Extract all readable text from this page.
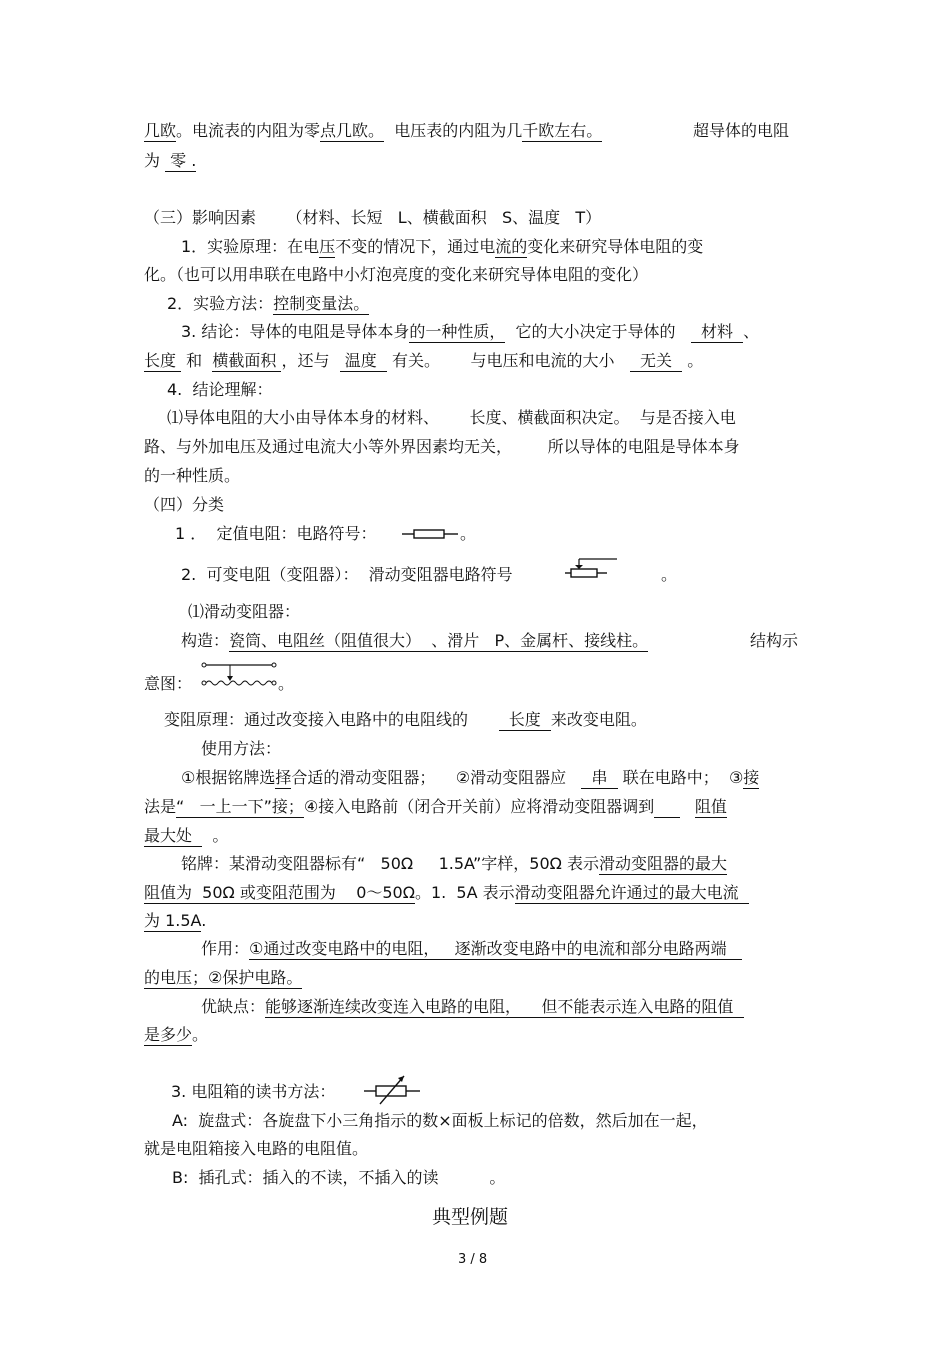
几欧。电流表的内阻为零点几欧。  电压表的内阻为几千欧左右。	超导体的电阻
为  零 .
（三）影响因素      （材料、长短   L、横截面积   S、温度   T）
1．实验原理：在电压不变的情况下，通过电流的变化来研究导体电阻的变
化。（也可以用串联在电路中小灯泡亮度的变化来研究导体电阻的变化）
2．实验方法：控制变量法。
3. 结论：导体的电阻是导体本身的一种性质，  它的大小决定于导体的     材料  、
长度  和  横截面积 ，还与   温度   有关。      与电压和电流的大小     无关   。
4.  结论理解：
⑴导体电阻的大小由导体本身的材料、      长度、横截面积决定。  与是否接入电
路、与外加电压及通过电流大小等外界因素均无关，       所以导体的电阻是导体本身
的一种性质。
（四）分类
1 ．  定值电阻：电路符号：	。
2.  可变电阻（变阻器）：  滑动变阻器电路符号	。
⑴滑动变阻器：
构造：瓷筒、电阻丝（阻值很大）  、滑片   P、金属杆、接线柱。	结构示
意图：	。
变阻原理：通过改变接入电路中的电阻线的        长度  来改变电阻。
使用方法：
①根据铭牌选择合适的滑动变阻器；    ②滑动变阻器应     串   联在电路中；  ③接
法是“   一上一下”接；④接入电路前（闭合开关前）应将滑动变阻器调到	阻值
最大处    。
铭牌：某滑动变阻器标有“   50Ω     1.5A”字样，50Ω 表示滑动变阻器的最大
阻值为  50Ω 或变阻范围为    0～50Ω。1.  5A 表示滑动变阻器允许通过的最大电流
为 1.5A.
作用：①通过改变电路中的电阻，   逐渐改变电路中的电流和部分电路两端
的电压；②保护电路。
优缺点：能够逐渐连续改变连入电路的电阻，    但不能表示连入电路的阻值
是多少。
3. 电阻箱的读书方法：
A:  旋盘式：各旋盘下小三角指示的数×面板上标记的倍数，然后加在一起，
就是电阻箱接入电路的电阻值。
B:  插孔式：插入的不读，不插入的读          。
典型例题
3 / 8
